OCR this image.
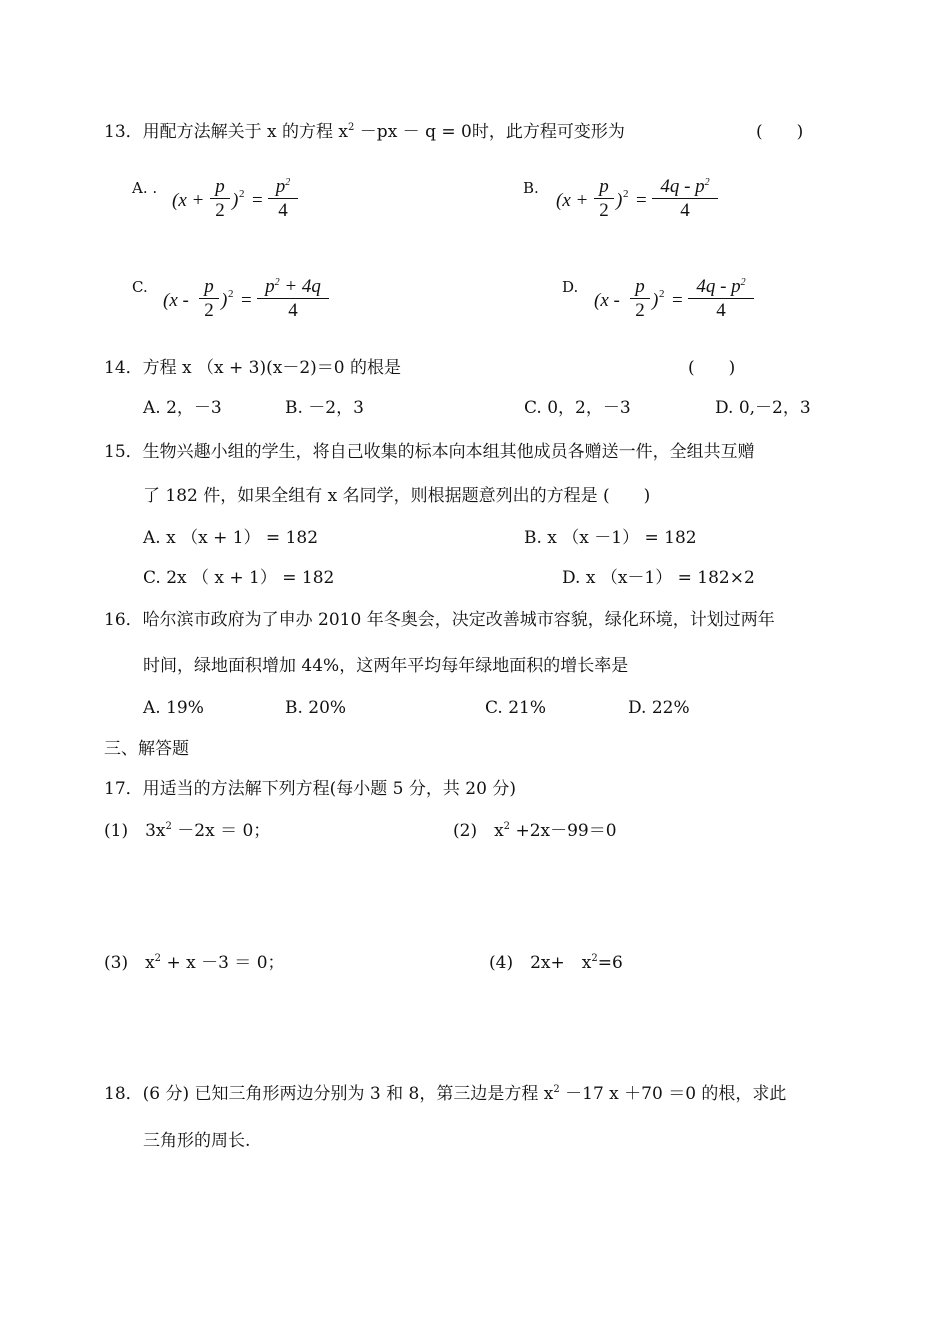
13．用配方法解关于 x 的方程 $x^2 -px - q = 0$时，此方程可变形为	(　　)
A. .
(x +
p
2 ) 2 =
$p^2$
4
B.
(x +
p
2 ) 2 =
$4q - p^2$
4
C.
(x -
p
2 ) 2 =
$p^2 + 4q$
4
D.
(x -
p
2 ) 2 =
$4q - p^2$
4
14．方程 x （x + 3)(x－2)＝0 的根是	(　　)
A. 2，－3	B. －2，3	C. 0，2，－3	D. 0,－2，3
15．生物兴趣小组的学生，将自己收集的标本向本组其他成员各赠送一件，全组共互赠
了 182 件，如果全组有 x 名同学，则根据题意列出的方程是 (　　)
A. x （x + 1） = 182	B. x （x －1） = 182
C. 2x （ x + 1） = 182	D. x （x－1） = 182×2
16．哈尔滨市政府为了申办 2010 年冬奥会，决定改善城市容貌，绿化环境，计划过两年
时间，绿地面积增加 44%，这两年平均每年绿地面积的增长率是
A. 19%	B. 20%	C. 21%	D. 22%
三、解答题
17．用适当的方法解下列方程(每小题 5 分，共 20 分)
(1)　$3x^2 -2x = 0$；	(2)　$x^2 +2x-99=0$
(3)　$x^2 + x -3 = 0$；	(4)　2x+　$x^2=6$
18．(6 分) 已知三角形两边分别为 3 和 8，第三边是方程 $x^2 -17$ x ＋70 ＝0 的根，求此
三角形的周长.
